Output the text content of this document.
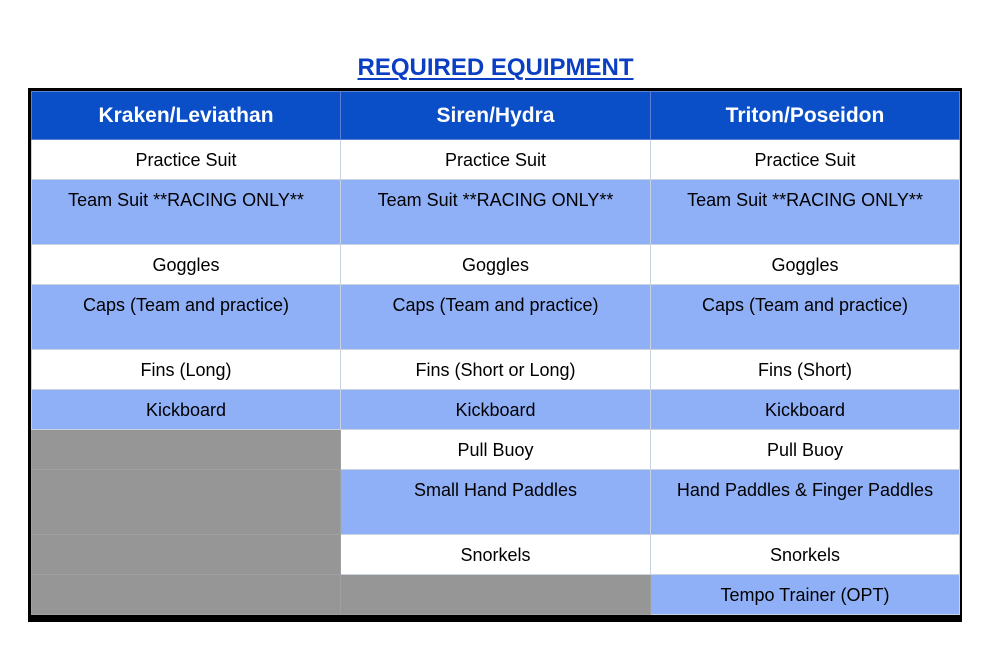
REQUIRED EQUIPMENT
Kraken/Leviathan	Siren/Hydra	Triton/Poseidon

Practice Suit	Practice Suit	Practice Suit

Team Suit **RACING ONLY**	Team Suit **RACING ONLY**	Team Suit **RACING ONLY**

Goggles	Goggles	Goggles

Caps (Team and practice)	Caps (Team and practice)	Caps (Team and practice)

Fins (Long)	Fins (Short or Long)	Fins (Short)

Kickboard	Kickboard	Kickboard

	Pull Buoy	Pull Buoy

	Small Hand Paddles	Hand Paddles & Finger Paddles

	Snorkels	Snorkels

		Tempo Trainer (OPT)
